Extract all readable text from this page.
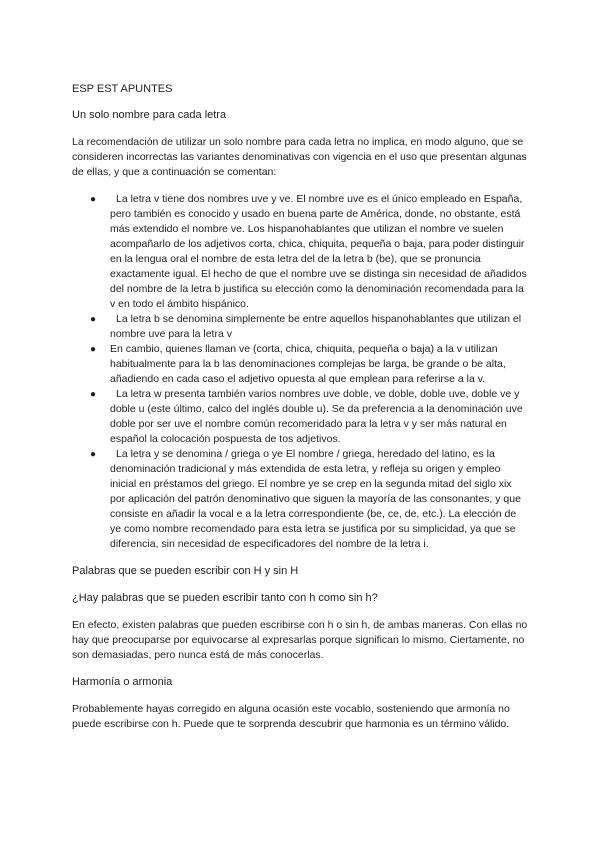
ESP EST APUNTES

Un solo nombre para cada letra

La recomendación de utilizar un solo nombre para cada letra no implica, en modo alguno, que se consideren incorrectas las variantes denominativas con vigencia en el uso que presentan algunas de ellas, y que a continuación se comentan:

●	La letra v tiene dos nombres uve y ve. El nombre uve es el único empleado en España, pero también es conocido y usado en buena parte de América, donde, no obstante, está más extendido el nombre ve. Los hispanohablantes que utilizan el nombre ve suelen acompañarlo de los adjetivos corta, chica, chiquita, pequeña o baja, para poder distinguir en la lengua oral el nombre de esta letra del de la letra b (be), que se pronuncia exactamente igual. El hecho de que el nombre uve se distinga sin necesidad de añadidos del nombre de la letra b justifica su elección como la denominación recomendada para la v en todo el ámbito hispánico.
●	La letra b se denomina simplemente be entre aquellos hispanohablantes que utilizan el nombre uve para la letra v
● En cambio, quienes llaman ve (corta, chica, chiquita, pequeña o baja) a la v utilizan habitualmente para la b las denominaciones complejas be larga, be grande o be alta, añadiendo en cada caso el adjetivo opuesta al que emplean para referirse a la v.
●	La letra w presenta también varios nombres uve doble, ve doble, doble uve, doble ve y doble u (este último, calco del inglés double u). Se da preferencia a la denominación uve doble por ser uve el nombre común recomeridado para la letra v y ser más natural en español la colocación pospuesta de tos adjetivos.
●	La letra y se denomina / griega o ye El nombre / griega, heredado del latino, es la denominación tradicional y más extendida de esta letra, y refleja su origen y empleo inicial en préstamos del griego. El nombre ye se crep en la segunda mitad del siglo xix por aplicación del patrón denominativo que siguen la mayoría de las consonantes, y que consiste en añadir la vocal e a la letra correspondiente (be, ce, de, etc.). La elección de ye como nombre recomendado para esta letra se justifica por su simplicidad, ya que se diferencia, sin necesidad de especificadores del nombre de la letra i.

Palabras que se pueden escribir con H y sin H

¿Hay palabras que se pueden escribir tanto con h como sin h?

En efecto, existen palabras que pueden escribirse con h o sin h, de ambas maneras. Con ellas no hay que preocuparse por equivocarse al expresarlas porque significan lo mismo. Ciertamente, no son demasiadas, pero nunca está de más conocerlas.

Harmonía o armonia

Probablemente hayas corregido en alguna ocasión este vocablo, sosteniendo que armonía no puede escribirse con h. Puede que te sorprenda descubrir que harmonia es un término válido.
